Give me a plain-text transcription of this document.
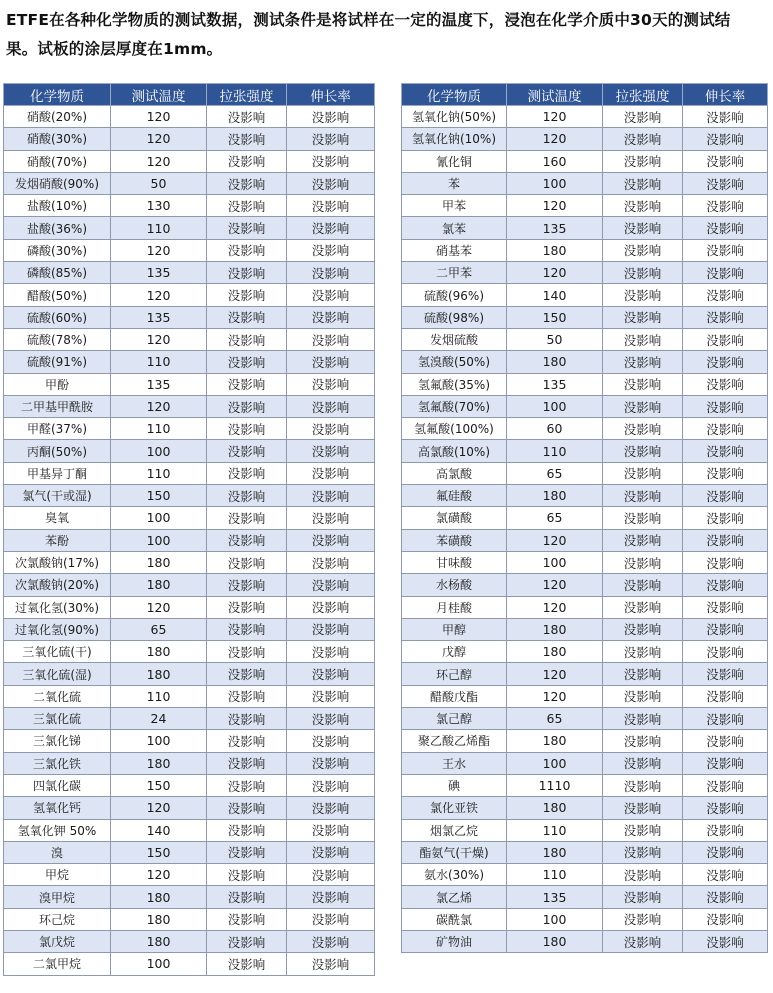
ETFE在各种化学物质的测试数据，测试条件是将试样在一定的温度下，浸泡在化学介质中30天的测试结果。试板的涂层厚度在1mm。

化学物质	测试温度	拉张强度	伸长率
硝酸(20%)	120	没影响	没影响
硝酸(30%)	120	没影响	没影响
硝酸(70%)	120	没影响	没影响
发烟硝酸(90%)	50	没影响	没影响
盐酸(10%)	130	没影响	没影响
盐酸(36%)	110	没影响	没影响
磷酸(30%)	120	没影响	没影响
磷酸(85%)	135	没影响	没影响
醋酸(50%)	120	没影响	没影响
硫酸(60%)	135	没影响	没影响
硫酸(78%)	120	没影响	没影响
硫酸(91%)	110	没影响	没影响
甲酚	135	没影响	没影响
二甲基甲酰胺	120	没影响	没影响
甲醛(37%)	110	没影响	没影响
丙酮(50%)	100	没影响	没影响
甲基异丁酮	110	没影响	没影响
氯气(干或湿)	150	没影响	没影响
臭氧	100	没影响	没影响
苯酚	100	没影响	没影响
次氯酸钠(17%)	180	没影响	没影响
次氯酸钠(20%)	180	没影响	没影响
过氧化氢(30%)	120	没影响	没影响
过氧化氢(90%)	65	没影响	没影响
三氧化硫(干)	180	没影响	没影响
三氧化硫(湿)	180	没影响	没影响
二氧化硫	110	没影响	没影响
三氯化硫	24	没影响	没影响
三氯化锑	100	没影响	没影响
三氯化铁	180	没影响	没影响
四氯化碳	150	没影响	没影响
氢氧化钙	120	没影响	没影响
氢氧化钾 50%	140	没影响	没影响
溴	150	没影响	没影响
甲烷	120	没影响	没影响
溴甲烷	180	没影响	没影响
环己烷	180	没影响	没影响
氯戊烷	180	没影响	没影响
二氯甲烷	100	没影响	没影响
化学物质	测试温度	拉张强度	伸长率
氢氧化钠(50%)	120	没影响	没影响
氢氧化钠(10%)	120	没影响	没影响
氰化铜	160	没影响	没影响
苯	100	没影响	没影响
甲苯	120	没影响	没影响
氯苯	135	没影响	没影响
硝基苯	180	没影响	没影响
二甲苯	120	没影响	没影响
硫酸(96%)	140	没影响	没影响
硫酸(98%)	150	没影响	没影响
发烟硫酸	50	没影响	没影响
氢溴酸(50%)	180	没影响	没影响
氢氟酸(35%)	135	没影响	没影响
氢氟酸(70%)	100	没影响	没影响
氢氟酸(100%)	60	没影响	没影响
高氯酸(10%)	110	没影响	没影响
高氯酸	65	没影响	没影响
氟硅酸	180	没影响	没影响
氯磺酸	65	没影响	没影响
苯磺酸	120	没影响	没影响
甘味酸	100	没影响	没影响
水杨酸	120	没影响	没影响
月桂酸	120	没影响	没影响
甲醇	180	没影响	没影响
戊醇	180	没影响	没影响
环己醇	120	没影响	没影响
醋酸戊酯	120	没影响	没影响
氯己醇	65	没影响	没影响
聚乙酸乙烯酯	180	没影响	没影响
王水	100	没影响	没影响
碘	1110	没影响	没影响
氯化亚铁	180	没影响	没影响
烟氯乙烷	110	没影响	没影响
酯氨气(干燥)	180	没影响	没影响
氨水(30%)	110	没影响	没影响
氯乙烯	135	没影响	没影响
碳酰氯	100	没影响	没影响
矿物油	180	没影响	没影响
